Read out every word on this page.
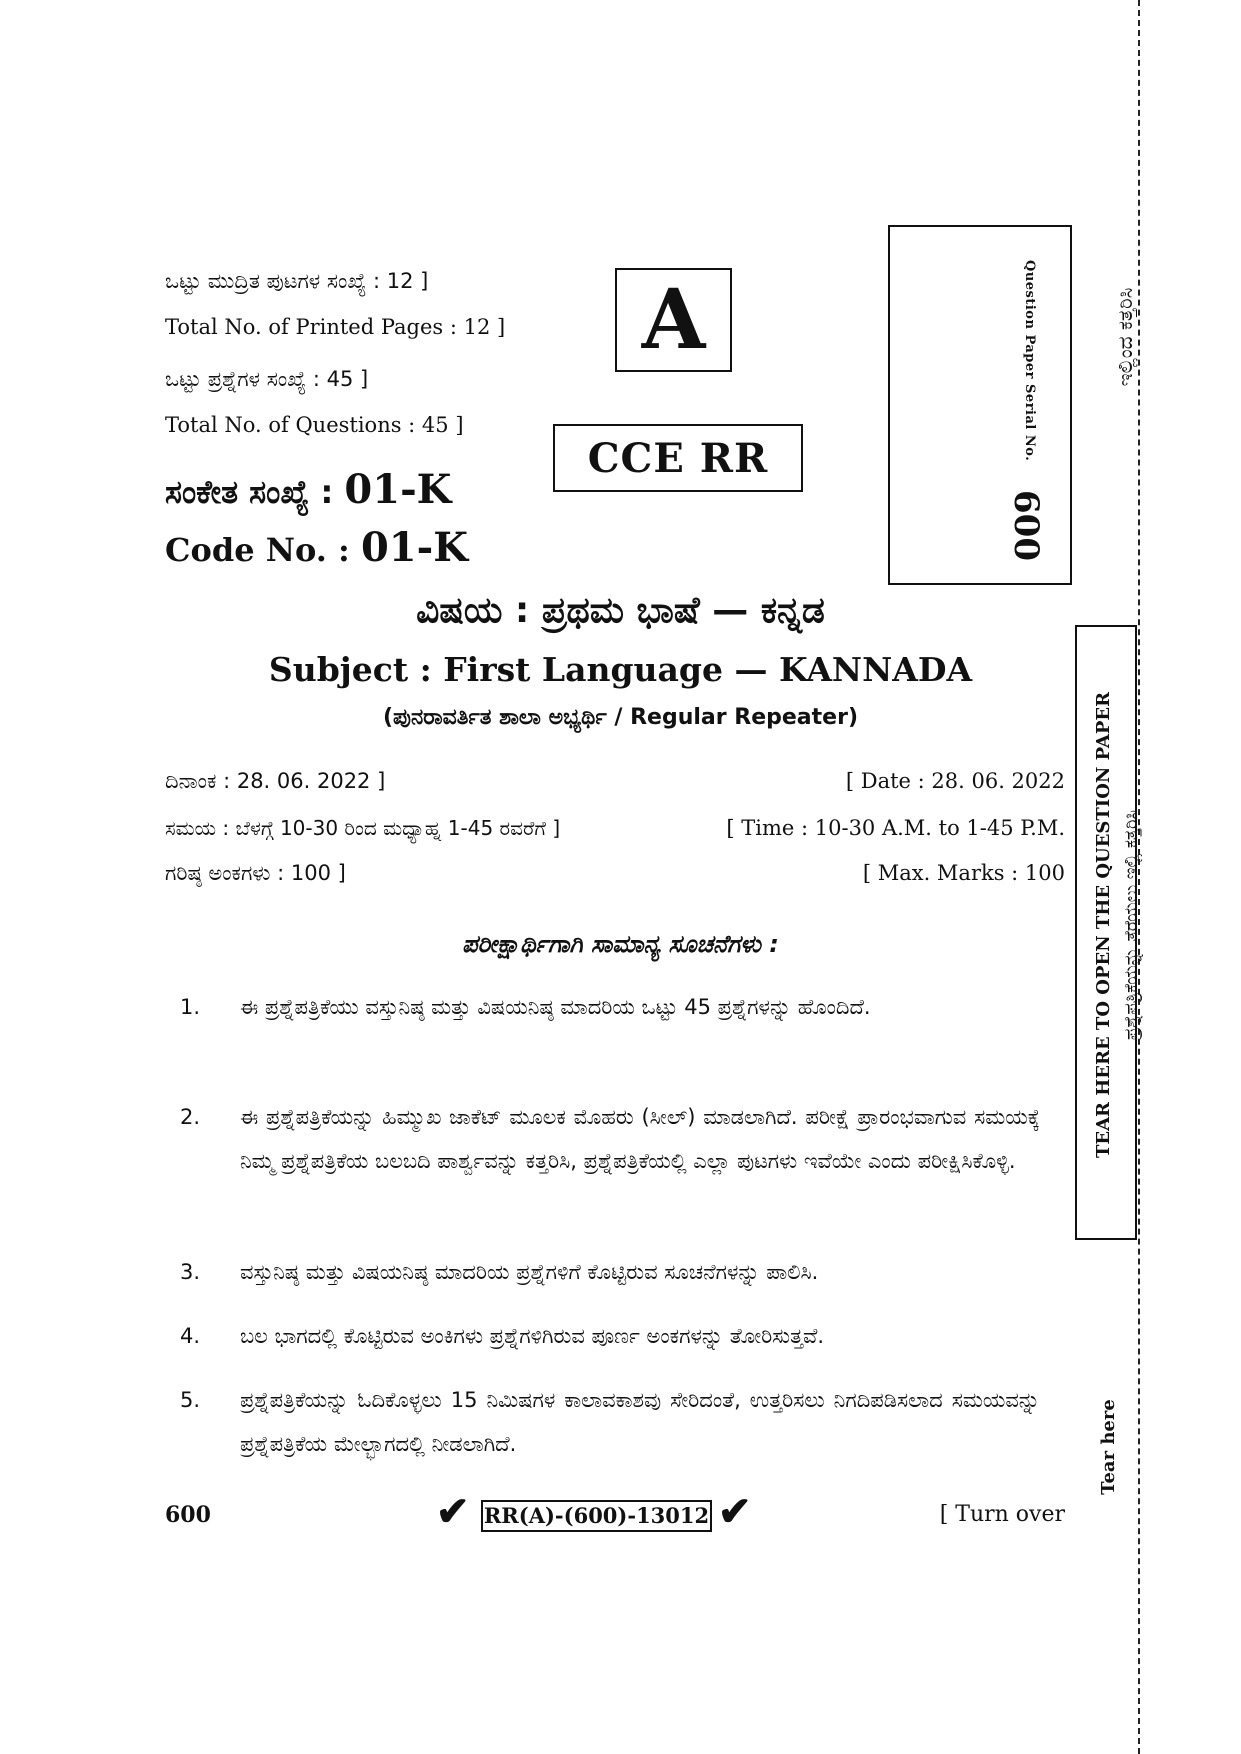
ಒಟ್ಟು ಮುದ್ರಿತ ಪುಟಗಳ ಸಂಖ್ಯೆ : 12 ]
Total No. of Printed Pages : 12 ]
ಒಟ್ಟು ಪ್ರಶ್ನೆಗಳ ಸಂಖ್ಯೆ : 45 ]
Total No. of Questions : 45 ]
ಸಂಕೇತ ಸಂಖ್ಯೆ : 01-K
Code No. : 01-K
A
CCE RR	Question Paper Serial No.
600
ವಿಷಯ : ಪ್ರಥಮ ಭಾಷೆ — ಕನ್ನಡ
Subject : First Language — KANNADA
(ಪುನರಾವರ್ತಿತ ಶಾಲಾ ಅಭ್ಯರ್ಥಿ / Regular Repeater)
ದಿನಾಂಕ : 28. 06. 2022 ]	[ Date : 28. 06. 2022
ಸಮಯ : ಬೆಳಗ್ಗೆ 10-30 ರಿಂದ ಮಧ್ಯಾಹ್ನ 1-45 ರವರೆಗೆ ]	[ Time : 10-30 A.M. to 1-45 P.M.
ಗರಿಷ್ಠ ಅಂಕಗಳು : 100 ]	[ Max. Marks : 100
ಪರೀಕ್ಷಾರ್ಥಿಗಾಗಿ ಸಾಮಾನ್ಯ ಸೂಚನೆಗಳು :
1.	ಈ ಪ್ರಶ್ನೆಪತ್ರಿಕೆಯು ವಸ್ತುನಿಷ್ಠ ಮತ್ತು ವಿಷಯನಿಷ್ಠ ಮಾದರಿಯ ಒಟ್ಟು 45 ಪ್ರಶ್ನೆಗಳನ್ನು ಹೊಂದಿದೆ.
2.	ಈ ಪ್ರಶ್ನೆಪತ್ರಿಕೆಯನ್ನು ಹಿಮ್ಮುಖ ಜಾಕೆಟ್ ಮೂಲಕ ಮೊಹರು (ಸೀಲ್) ಮಾಡಲಾಗಿದೆ. ಪರೀಕ್ಷೆ ಪ್ರಾರಂಭವಾಗುವ ಸಮಯಕ್ಕೆ ನಿಮ್ಮ ಪ್ರಶ್ನೆಪತ್ರಿಕೆಯ ಬಲಬದಿ ಪಾರ್ಶ್ವವನ್ನು ಕತ್ತರಿಸಿ, ಪ್ರಶ್ನೆಪತ್ರಿಕೆಯಲ್ಲಿ ಎಲ್ಲಾ ಪುಟಗಳು ಇವೆಯೇ ಎಂದು ಪರೀಕ್ಷಿಸಿಕೊಳ್ಳಿ.
3.	ವಸ್ತುನಿಷ್ಠ ಮತ್ತು ವಿಷಯನಿಷ್ಠ ಮಾದರಿಯ ಪ್ರಶ್ನೆಗಳಿಗೆ ಕೊಟ್ಟಿರುವ ಸೂಚನೆಗಳನ್ನು ಪಾಲಿಸಿ.
4.	ಬಲ ಭಾಗದಲ್ಲಿ ಕೊಟ್ಟಿರುವ ಅಂಕಿಗಳು ಪ್ರಶ್ನೆಗಳಿಗಿರುವ ಪೂರ್ಣ ಅಂಕಗಳನ್ನು ತೋರಿಸುತ್ತವೆ.
5.	ಪ್ರಶ್ನೆಪತ್ರಿಕೆಯನ್ನು ಓದಿಕೊಳ್ಳಲು 15 ನಿಮಿಷಗಳ ಕಾಲಾವಕಾಶವು ಸೇರಿದಂತೆ, ಉತ್ತರಿಸಲು ನಿಗದಿಪಡಿಸಲಾದ ಸಮಯವನ್ನು ಪ್ರಶ್ನೆಪತ್ರಿಕೆಯ ಮೇಲ್ಭಾಗದಲ್ಲಿ ನೀಡಲಾಗಿದೆ.
600	✔ RR(A)-(600)-13012 ✔	[ Turn over
ಇಲ್ಲಿಂದ ಕತ್ತರಿಸಿ
TEAR HERE TO OPEN THE QUESTION PAPER ಪ್ರಶ್ನೆಪತ್ರಿಕೆಯನ್ನು ತೆರೆಯಲು ಇಲ್ಲಿ ಕತ್ತರಿಸಿ
Tear here
